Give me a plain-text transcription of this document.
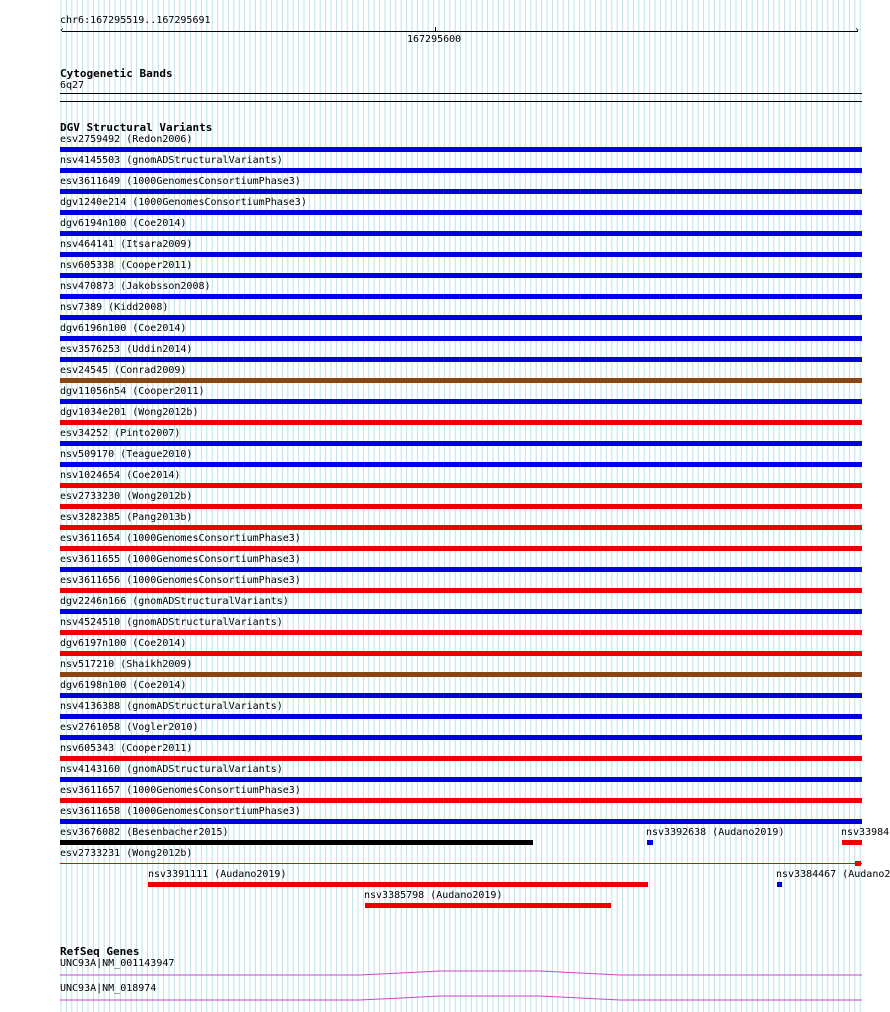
chr6:167295519..167295691
‹	›
167295600
Cytogenetic Bands
6q27
DGV Structural Variants
esv2759492 (Redon2006)
nsv4145503 (gnomADStructuralVariants)
esv3611649 (1000GenomesConsortiumPhase3)
dgv1240e214 (1000GenomesConsortiumPhase3)
dgv6194n100 (Coe2014)
nsv464141 (Itsara2009)
nsv605338 (Cooper2011)
nsv470873 (Jakobsson2008)
nsv7389 (Kidd2008)
dgv6196n100 (Coe2014)
esv3576253 (Uddin2014)
esv24545 (Conrad2009)
dgv11056n54 (Cooper2011)
dgv1034e201 (Wong2012b)
esv34252 (Pinto2007)
nsv509170 (Teague2010)
nsv1024654 (Coe2014)
esv2733230 (Wong2012b)
esv3282385 (Pang2013b)
esv3611654 (1000GenomesConsortiumPhase3)
esv3611655 (1000GenomesConsortiumPhase3)
esv3611656 (1000GenomesConsortiumPhase3)
dgv2246n166 (gnomADStructuralVariants)
nsv4524510 (gnomADStructuralVariants)
dgv6197n100 (Coe2014)
nsv517210 (Shaikh2009)
dgv6198n100 (Coe2014)
nsv4136388 (gnomADStructuralVariants)
esv2761058 (Vogler2010)
nsv605343 (Cooper2011)
nsv4143160 (gnomADStructuralVariants)
esv3611657 (1000GenomesConsortiumPhase3)
esv3611658 (1000GenomesConsortiumPhase3)
esv3676082 (Besenbacher2015)	nsv3392638 (Audano2019)	nsv33984
esv2733231 (Wong2012b)
nsv3391111 (Audano2019)	nsv3384467 (Audano2
nsv3385798 (Audano2019)
RefSeq Genes
UNC93A|NM_001143947
UNC93A|NM_018974
